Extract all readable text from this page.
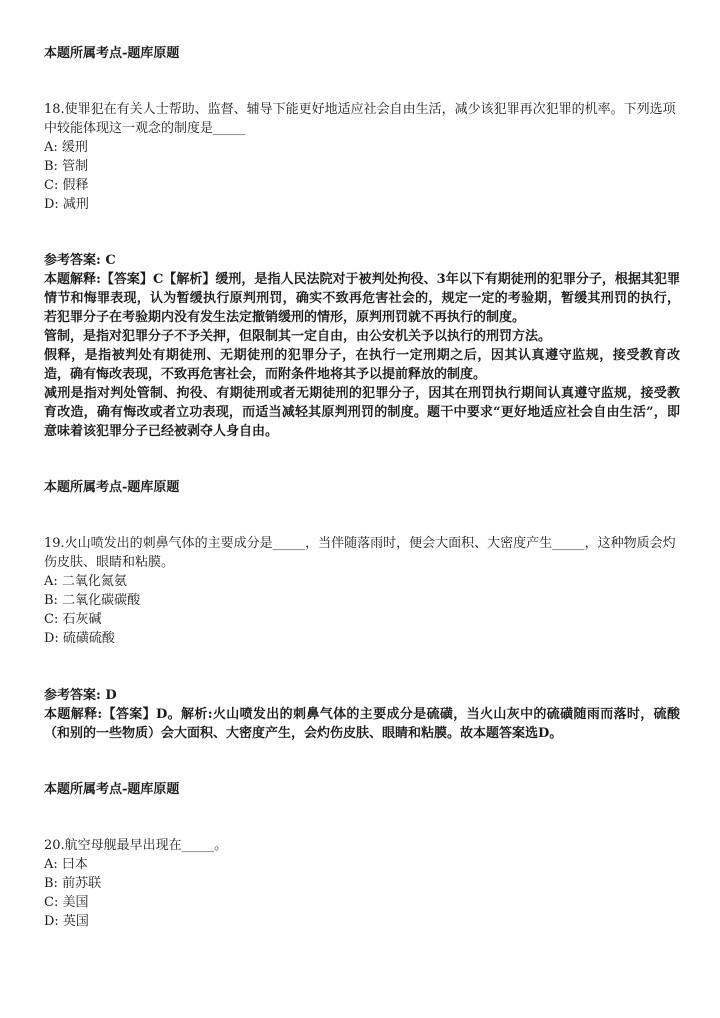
本题所属考点-题库原题
18.使罪犯在有关人士帮助、监督、辅导下能更好地适应社会自由生活，减少该犯罪再次犯罪的机率。下列选项中较能体现这一观念的制度是_____
A: 缓刑
B: 管制
C: 假释
D: 减刑
参考答案: C

本题解释:【答案】C【解析】缓刑，是指人民法院对于被判处拘役、3年以下有期徒刑的犯罪分子，根据其犯罪情节和悔罪表现，认为暂缓执行原判刑罚，确实不致再危害社会的，规定一定的考验期，暂缓其刑罚的执行，若犯罪分子在考验期内没有发生法定撤销缓刑的情形，原判刑罚就不再执行的制度。

管制，是指对犯罪分子不予关押，但限制其一定自由，由公安机关予以执行的刑罚方法。

假释，是指被判处有期徒刑、无期徒刑的犯罪分子，在执行一定刑期之后，因其认真遵守监规，接受教育改造，确有悔改表现，不致再危害社会，而附条件地将其予以提前释放的制度。

减刑是指对判处管制、拘役、有期徒刑或者无期徒刑的犯罪分子，因其在刑罚执行期间认真遵守监规，接受教育改造，确有悔改或者立功表现，而适当减轻其原判刑罚的制度。题干中要求“更好地适应社会自由生活”，即意味着该犯罪分子已经被剥夺人身自由。

本题所属考点-题库原题
19.火山喷发出的刺鼻气体的主要成分是_____，当伴随落雨时，便会大面积、大密度产生_____，这种物质会灼伤皮肤、眼睛和粘膜。
A: 二氧化氮氨
B: 二氧化碳碳酸
C: 石灰碱
D: 硫磺硫酸
参考答案: D
本题解释:【答案】D。解析:火山喷发出的刺鼻气体的主要成分是硫磺，当火山灰中的硫磺随雨而落时，硫酸（和别的一些物质）会大面积、大密度产生，会灼伤皮肤、眼睛和粘膜。故本题答案选D。
本题所属考点-题库原题
20.航空母舰最早出现在_____。
A: 曰本
B: 前苏联
C: 美国
D: 英国
